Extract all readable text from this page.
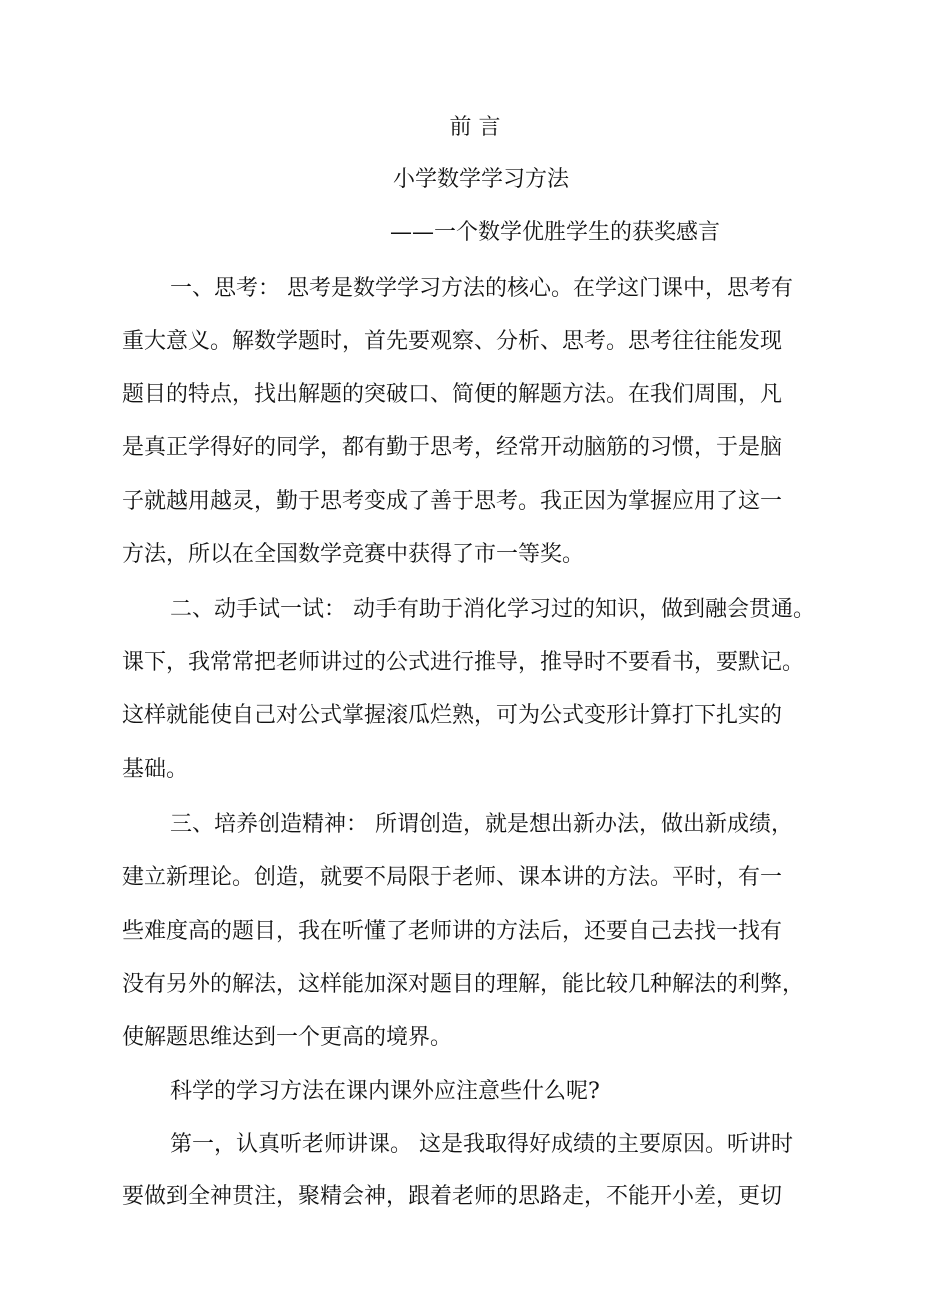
前 言
小学数学学习方法
——一个数学优胜学生的获奖感言
一、思考： 思考是数学学习方法的核心。在学这门课中，思考有
重大意义。解数学题时，首先要观察、分析、思考。思考往往能发现
题目的特点，找出解题的突破口、简便的解题方法。在我们周围，凡
是真正学得好的同学，都有勤于思考，经常开动脑筋的习惯，于是脑
子就越用越灵，勤于思考变成了善于思考。我正因为掌握应用了这一
方法，所以在全国数学竞赛中获得了市一等奖。
二、动手试一试： 动手有助于消化学习过的知识，做到融会贯通。
课下，我常常把老师讲过的公式进行推导，推导时不要看书，要默记。
这样就能使自己对公式掌握滚瓜烂熟，可为公式变形计算打下扎实的
基础。
三、培养创造精神： 所谓创造，就是想出新办法，做出新成绩，
建立新理论。创造，就要不局限于老师、课本讲的方法。平时，有一
些难度高的题目，我在听懂了老师讲的方法后，还要自己去找一找有
没有另外的解法，这样能加深对题目的理解，能比较几种解法的利弊，
使解题思维达到一个更高的境界。
科学的学习方法在课内课外应注意些什么呢?
第一，认真听老师讲课。 这是我取得好成绩的主要原因。听讲时
要做到全神贯注，聚精会神，跟着老师的思路走，不能开小差，更切
